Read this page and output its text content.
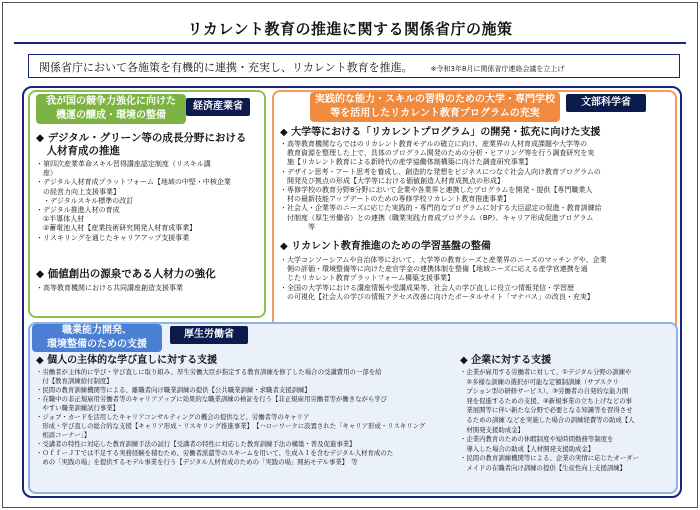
リカレント教育の推進に関する関係省庁の施策
関係省庁において各施策を有機的に連携・充実し、リカレント教育を推進。	※令和3年8月に関係省庁連絡会議を立上げ
我が国の競争力強化に向けた
機運の醸成・環境の整備
経済産業省
◆ デジタル・グリーン等の成長分野における
　人材育成の推進
・第四次産業革命スキル習得講座認定制度（リスキル講
　座）
・デジタル人材育成プラットフォーム【地域の中堅・中核企業
　の経営力向上支援事業】
　・デジタルスキル標準の改訂
・デジタル推進人材の育成
　①半導体人材
　②蓄電池人材【産業技術研究開発人材育成事業】
・リスキリングを通じたキャリアアップ支援事業
◆ 価値創出の源泉である人材力の強化
・高等教育機関における共同講座創造支援事業
実践的な能力・スキルの習得のための大学・専門学校
等を活用したリカレント教育プログラムの充実
文部科学省
◆ 大学等における「リカレントプログラム」の開発・拡充に向けた支援
・高等教育機関ならではのリカレント教育モデルの確立に向け、産業界の人材育成課題や大学等の
　教育資源を整理した上で、具体のプログラム開発のための分析・ヒアリング等を行う調査研究を実
　施【リカレント教育による新時代の産学協働体制構築に向けた調査研究事業】
・デザイン思考・アート思考を養成し、創造的な発想をビジネスにつなぐ社会人向け教育プログラムの
　開発及び拠点の形成【大学等における価値創造人材育成拠点の形成】
・専修学校の教育分野8分野において企業や各業界と連携したプログラムを開発・提供【専門職業人
　材の最新技能アップデートのための専修学校リカレント教育推進事業】
・社会人・企業等のニーズに応じた実践的・専門的なプログラムに対する大臣認定の促進・教育訓練給
　付制度（厚生労働省）との連携（職業実践力育成プログラム（BP）、キャリア形成促進プログラム
　　　　等
◆ リカレント教育推進のための学習基盤の整備
・大学コンソーシアムや自治体等において、大学等の教育シーズと産業界のニーズのマッチングや、企業
　側の評価・環境整備等に向けた産官学金の連携体制を整備【地域ニーズに応える産学官連携を通
　じたリカレント教育プラットフォーム構築支援事業】
・全国の大学等における講座情報や受講成果等、社会人の学び直しに役立つ情報発信・学習歴
　の可視化【社会人の学びの情報アクセス改善に向けたポータルサイト「マナパス」の改良・充実】
職業能力開発、
環境整備のための支援
厚生労働省
◆ 個人の主体的な学び直しに対する支援
・労働者が主体的に学び・学び直しに取り組み、厚生労働大臣が指定する教育訓練を修了した場合の受講費用の一部を給
　付【教育訓練給付制度】
・民間の教育訓練機関等による、離職者向け職業訓練の提供【公共職業訓練・求職者支援訓練】
・在職中の非正規雇用労働者等のキャリアアップに効果的な職業訓練の検証を行う【非正規雇用労働者等が働きながら学び
　やすい職業訓練試行事業】
・ジョブ・カードを活用したキャリアコンサルティングの機会の提供など、労働者等のキャリア
　形成・学び直しの総合的な支援【キャリア形成・リスキリング推進事業】　【ハローワークに設置された「キャリア形成・リスキリング
　相談コーナー」】
・受講者の特性に対応した教育訓練手法の試行【受講者の特性に対応した教育訓練手法の構築・普及促進事業】
・ＯｆｆーＪＴでは不足する実務経験を積むため、労働者派遣等のスキームを用いて、生成ＡＩを含むデジタル人材育成のた
　めの「実践の場」を提供するモデル事業を行う【デジタル人材育成のための「実践の場」開拓モデル事業】　等
◆ 企業に対する支援
・企業が雇用する労働者に対して、①デジタル分野の訓練や
　②多様な訓練の選択が可能な定額制訓練（サブスクリ
　プション型の研修サービス）、③労働者の自発的な能力開
　発を促進するための支援、④新規事業の立ち上げなどの事
　業展開等に伴い新たな分野で必要となる知識等を習得させ
　るための訓練 などを実施した場合の訓練経費等の助成【人
　材開発支援助成金】
・企業内教育のための休暇制度や短時間勤務等制度を
　導入した場合の助成【人材開発支援助成金】
・民間の教育訓練機関等による、企業の実情に応じたオーダー
　メイドの在職者向け訓練の提供【生産性向上支援訓練】
